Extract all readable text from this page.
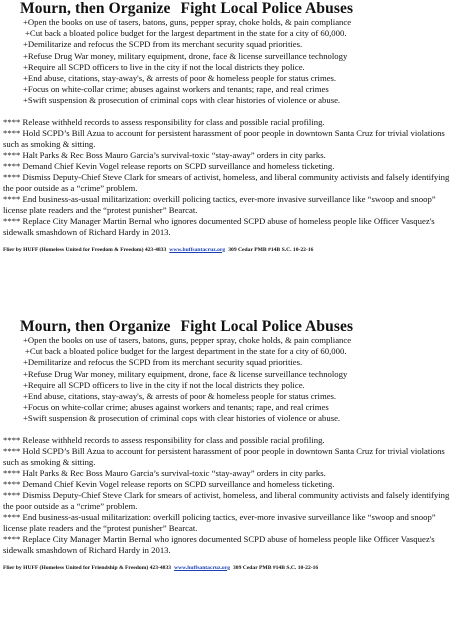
Mourn, then Organize Fight Local Police Abuses
+Open the books on use of tasers, batons, guns, pepper spray, choke holds, & pain compliance
+Cut back a bloated police budget for the largest department in the state for a city of 60,000.
+Demilitarize and refocus the SCPD from its merchant security squad priorities.
+Refuse Drug War money, military equipment, drone, face & license surveillance technology
+Require all SCPD officers to live in the city if not the local districts they police.
+End abuse, citations, stay-away's, & arrests of poor & homeless people for status crimes.
+Focus on white-collar crime; abuses against workers and tenants; rape, and real crimes
+Swift suspension & prosecution of criminal cops with clear histories of violence or abuse.

**** Release withheld records to assess responsibility for class and possible racial profiling.

**** Hold SCPD’s Bill Azua to account for persistent harassment of poor people in downtown Santa Cruz for trivial violations such as smoking & sitting.

**** Halt Parks & Rec Boss Mauro Garcia’s survival-toxic “stay-away” orders in city parks.

**** Demand Chief Kevin Vogel release reports on SCPD surveillance and homeless ticketing.

**** Dismiss Deputy-Chief Steve Clark for smears of activist, homeless, and liberal community activists and falsely identifying the poor outside as a “crime” problem.

**** End business-as-usual militarization: overkill policing tactics, ever-more invasive surveillance like “swoop and snoop” license plate readers and the “protest punisher” Bearcat.

**** Replace City Manager Martin Bernal who ignores documented SCPD abuse of homeless people like Officer Vasquez's sidewalk smashdown of Richard Hardy in 2013.

Flier by HUFF (Homeless United for Freedom & Freedom) 423-4833 www.huffsantacruz.org 309 Cedar PMB #14B S.C. 10-22-16
Mourn, then Organize Fight Local Police Abuses
+Open the books on use of tasers, batons, guns, pepper spray, choke holds, & pain compliance
+Cut back a bloated police budget for the largest department in the state for a city of 60,000.
+Demilitarize and refocus the SCPD from its merchant security squad priorities.
+Refuse Drug War money, military equipment, drone, face & license surveillance technology
+Require all SCPD officers to live in the city if not the local districts they police.
+End abuse, citations, stay-away's, & arrests of poor & homeless people for status crimes.
+Focus on white-collar crime; abuses against workers and tenants; rape, and real crimes
+Swift suspension & prosecution of criminal cops with clear histories of violence or abuse.

**** Release withheld records to assess responsibility for class and possible racial profiling.

**** Hold SCPD’s Bill Azua to account for persistent harassment of poor people in downtown Santa Cruz for trivial violations such as smoking & sitting.

**** Halt Parks & Rec Boss Mauro Garcia’s survival-toxic “stay-away” orders in city parks.

**** Demand Chief Kevin Vogel release reports on SCPD surveillance and homeless ticketing.

**** Dismiss Deputy-Chief Steve Clark for smears of activist, homeless, and liberal community activists and falsely identifying the poor outside as a “crime” problem.

**** End business-as-usual militarization: overkill policing tactics, ever-more invasive surveillance like “swoop and snoop” license plate readers and the “protest punisher” Bearcat.

**** Replace City Manager Martin Bernal who ignores documented SCPD abuse of homeless people like Officer Vasquez's sidewalk smashdown of Richard Hardy in 2013.

Flier by HUFF (Homeless United for Friendship & Freedom) 423-4833 www.huffsantacruz.org 309 Cedar PMB #14B S.C. 10-22-16
